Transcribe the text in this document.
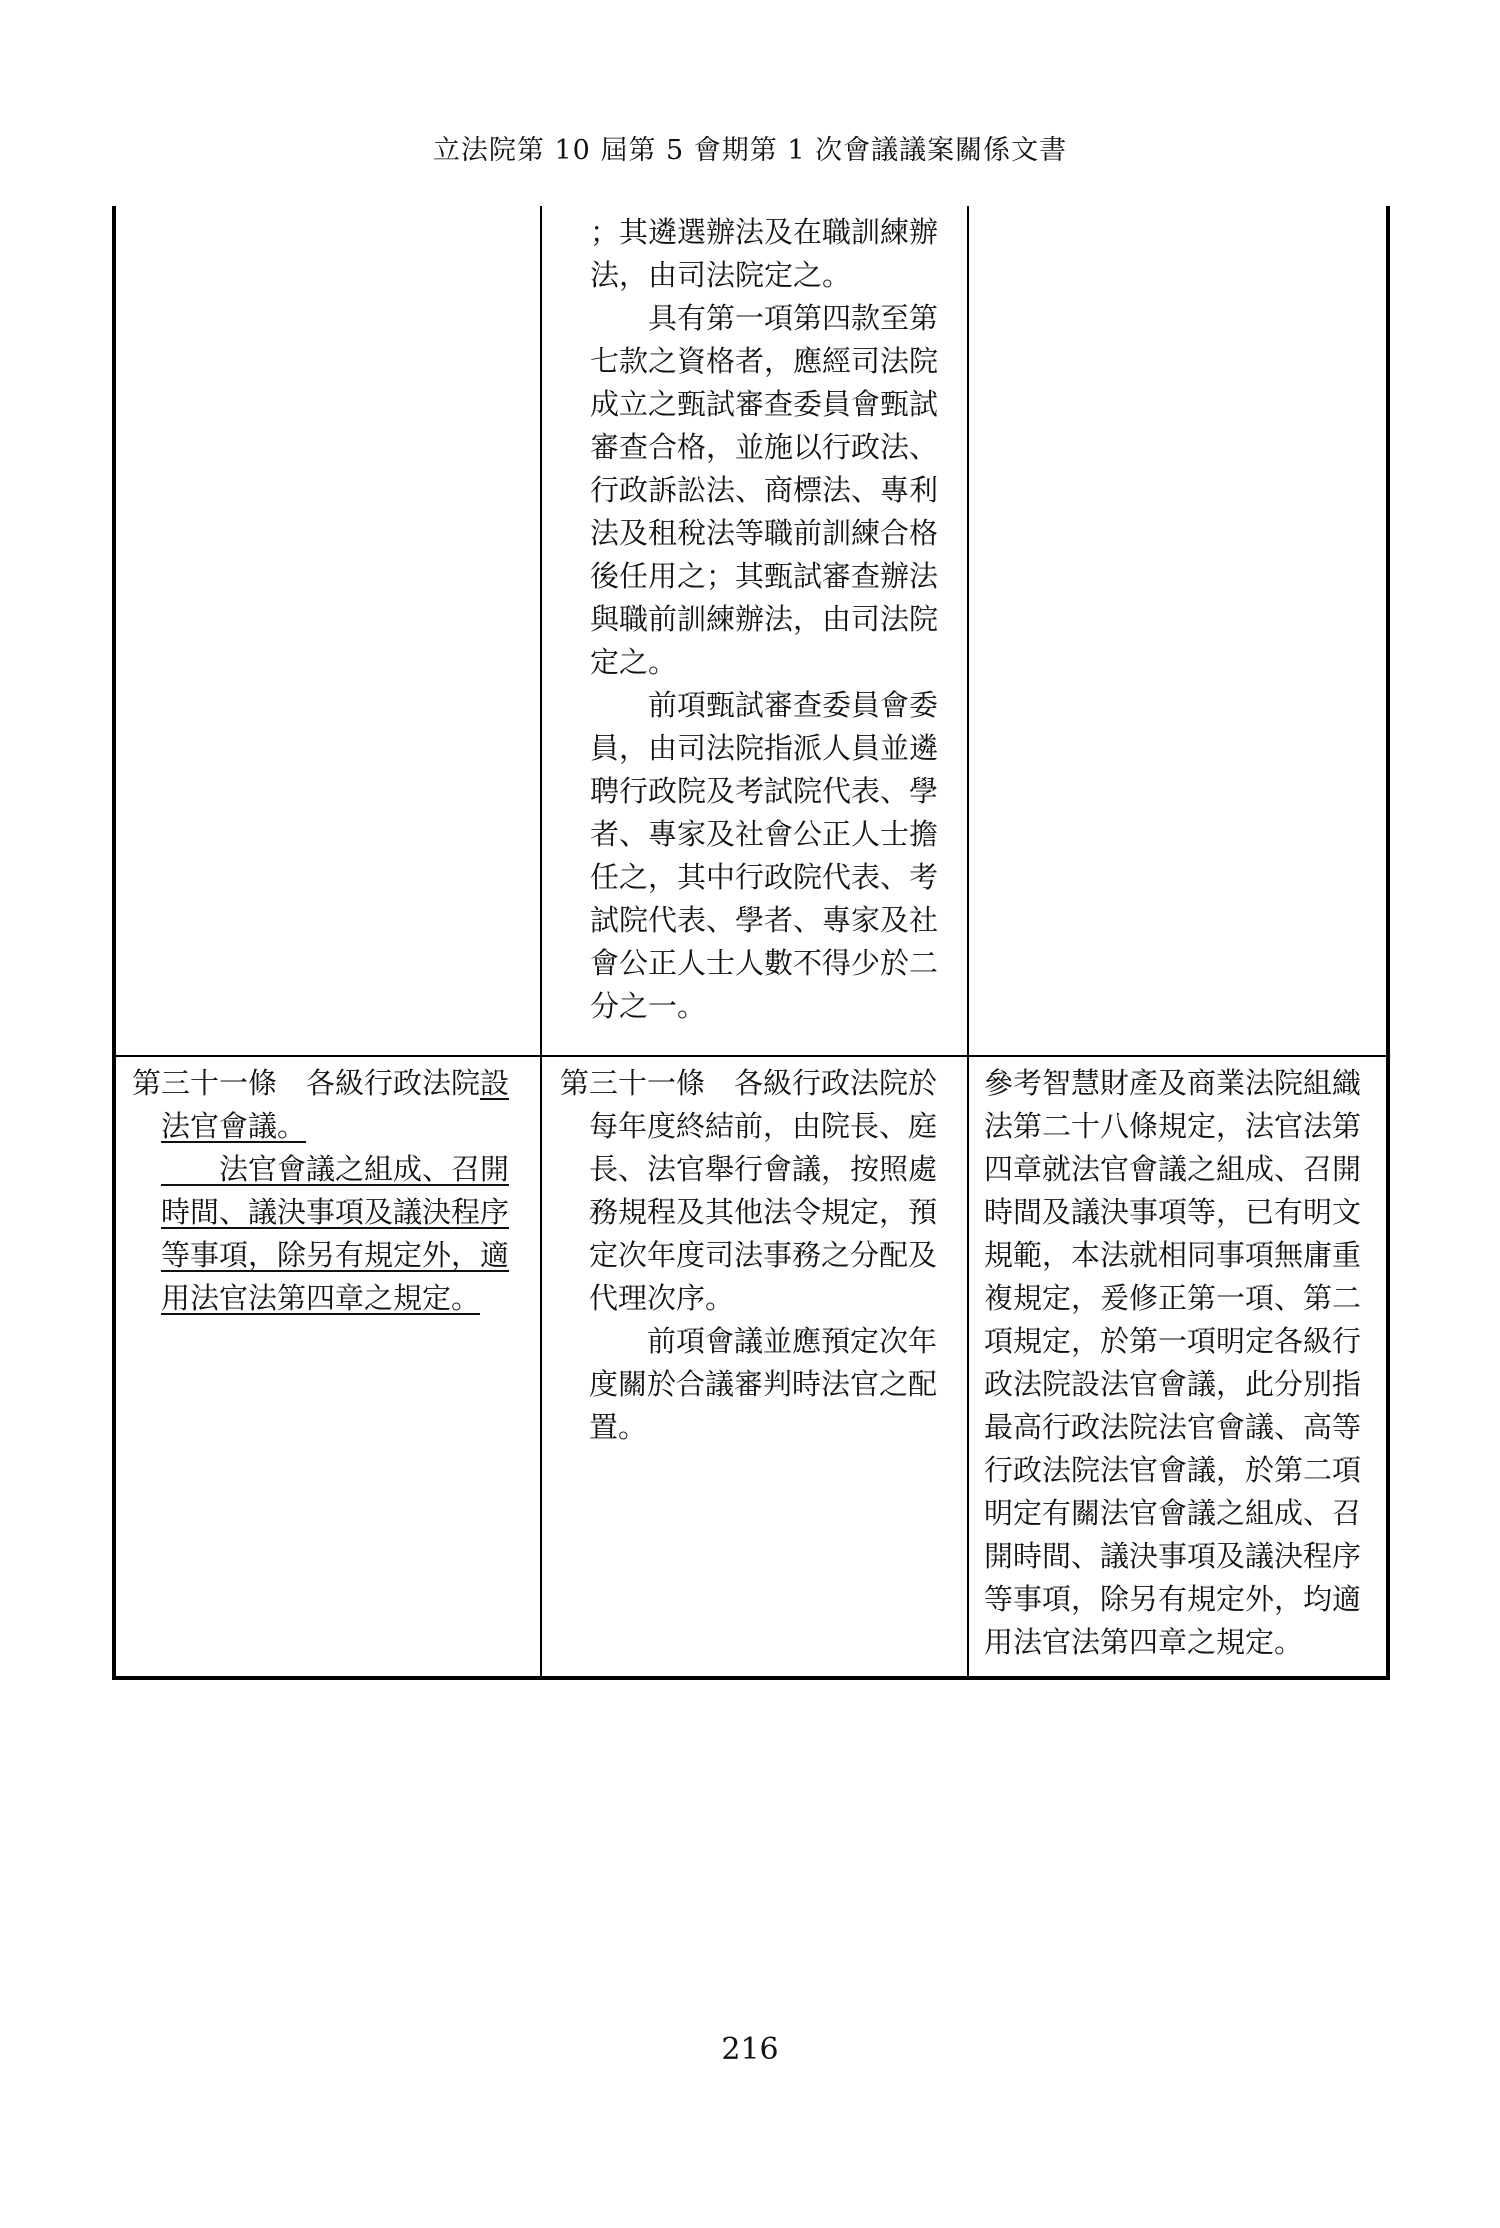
立法院第 10 屆第 5 會期第 1 次會議議案關係文書

；其遴選辦法及在職訓練辦

法，由司法院定之。

　　具有第一項第四款至第

七款之資格者，應經司法院

成立之甄試審查委員會甄試

審查合格，並施以行政法、

行政訴訟法、商標法、專利

法及租稅法等職前訓練合格

後任用之；其甄試審查辦法

與職前訓練辦法，由司法院

定之。

　　前項甄試審查委員會委

員，由司法院指派人員並遴

聘行政院及考試院代表、學

者、專家及社會公正人士擔

任之，其中行政院代表、考

試院代表、學者、專家及社

會公正人士人數不得少於二

分之一。

第三十一條　各級行政法院設

法官會議。

　　法官會議之組成、召開

時間、議決事項及議決程序

等事項，除另有規定外，適

用法官法第四章之規定。

第三十一條　各級行政法院於

每年度終結前，由院長、庭

長、法官舉行會議，按照處

務規程及其他法令規定，預

定次年度司法事務之分配及

代理次序。

　　前項會議並應預定次年

度關於合議審判時法官之配

置。

參考智慧財產及商業法院組織

法第二十八條規定，法官法第

四章就法官會議之組成、召開

時間及議決事項等，已有明文

規範，本法就相同事項無庸重

複規定，爰修正第一項、第二

項規定，於第一項明定各級行

政法院設法官會議，此分別指

最高行政法院法官會議、高等

行政法院法官會議，於第二項

明定有關法官會議之組成、召

開時間、議決事項及議決程序

等事項，除另有規定外，均適

用法官法第四章之規定。

216
